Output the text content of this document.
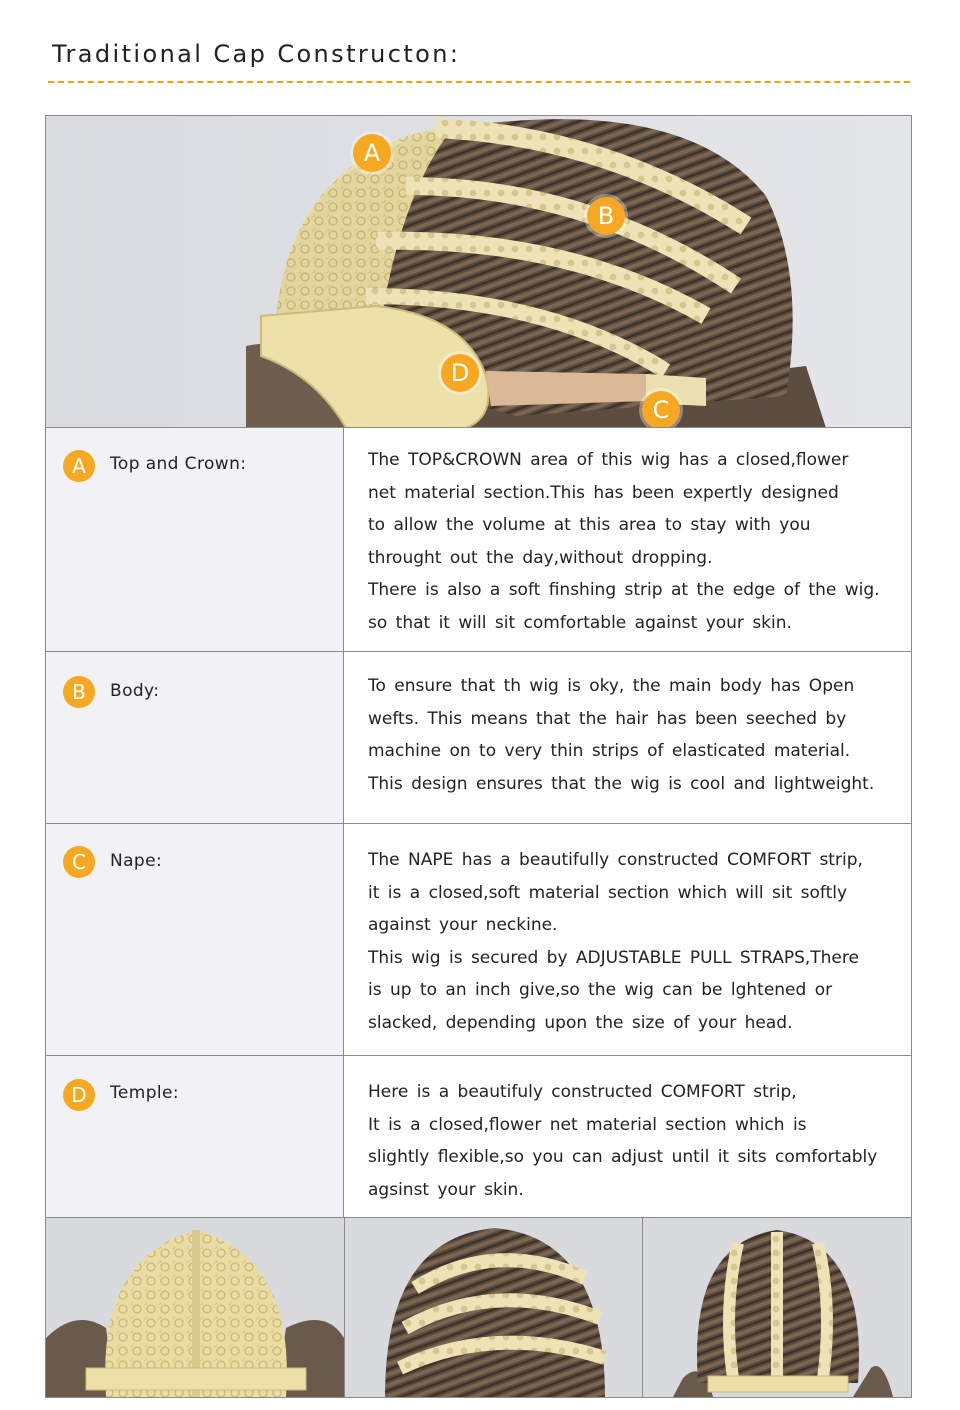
Traditional Cap Constructon:
A
B
D
C
A	Top and Crown:	The TOP&CROWN area of this wig has a closed,flower

net material section.This has been expertly designed

to allow the volume at this area to stay with you

throught out the day,without dropping.

There is also a soft finshing strip at the edge of the wig.

so that it will sit comfortable against your skin.

B	Body:	To ensure that th wig is oky, the main body has Open

wefts. This means that the hair has been seeched by

machine on to very thin strips of elasticated material.

This design ensures that the wig is cool and lightweight.

C	Nape:	The NAPE has a beautifully constructed COMFORT strip,

it is a closed,soft material section which will sit softly

against your neckine.

This wig is secured by ADJUSTABLE PULL STRAPS,There

is up to an inch give,so the wig can be lghtened or

slacked, depending upon the size of your head.

D	Temple:	Here is a beautifuly constructed COMFORT strip,

It is a closed,flower net material section which is

slightly flexible,so you can adjust until it sits comfortably

agsinst your skin.
